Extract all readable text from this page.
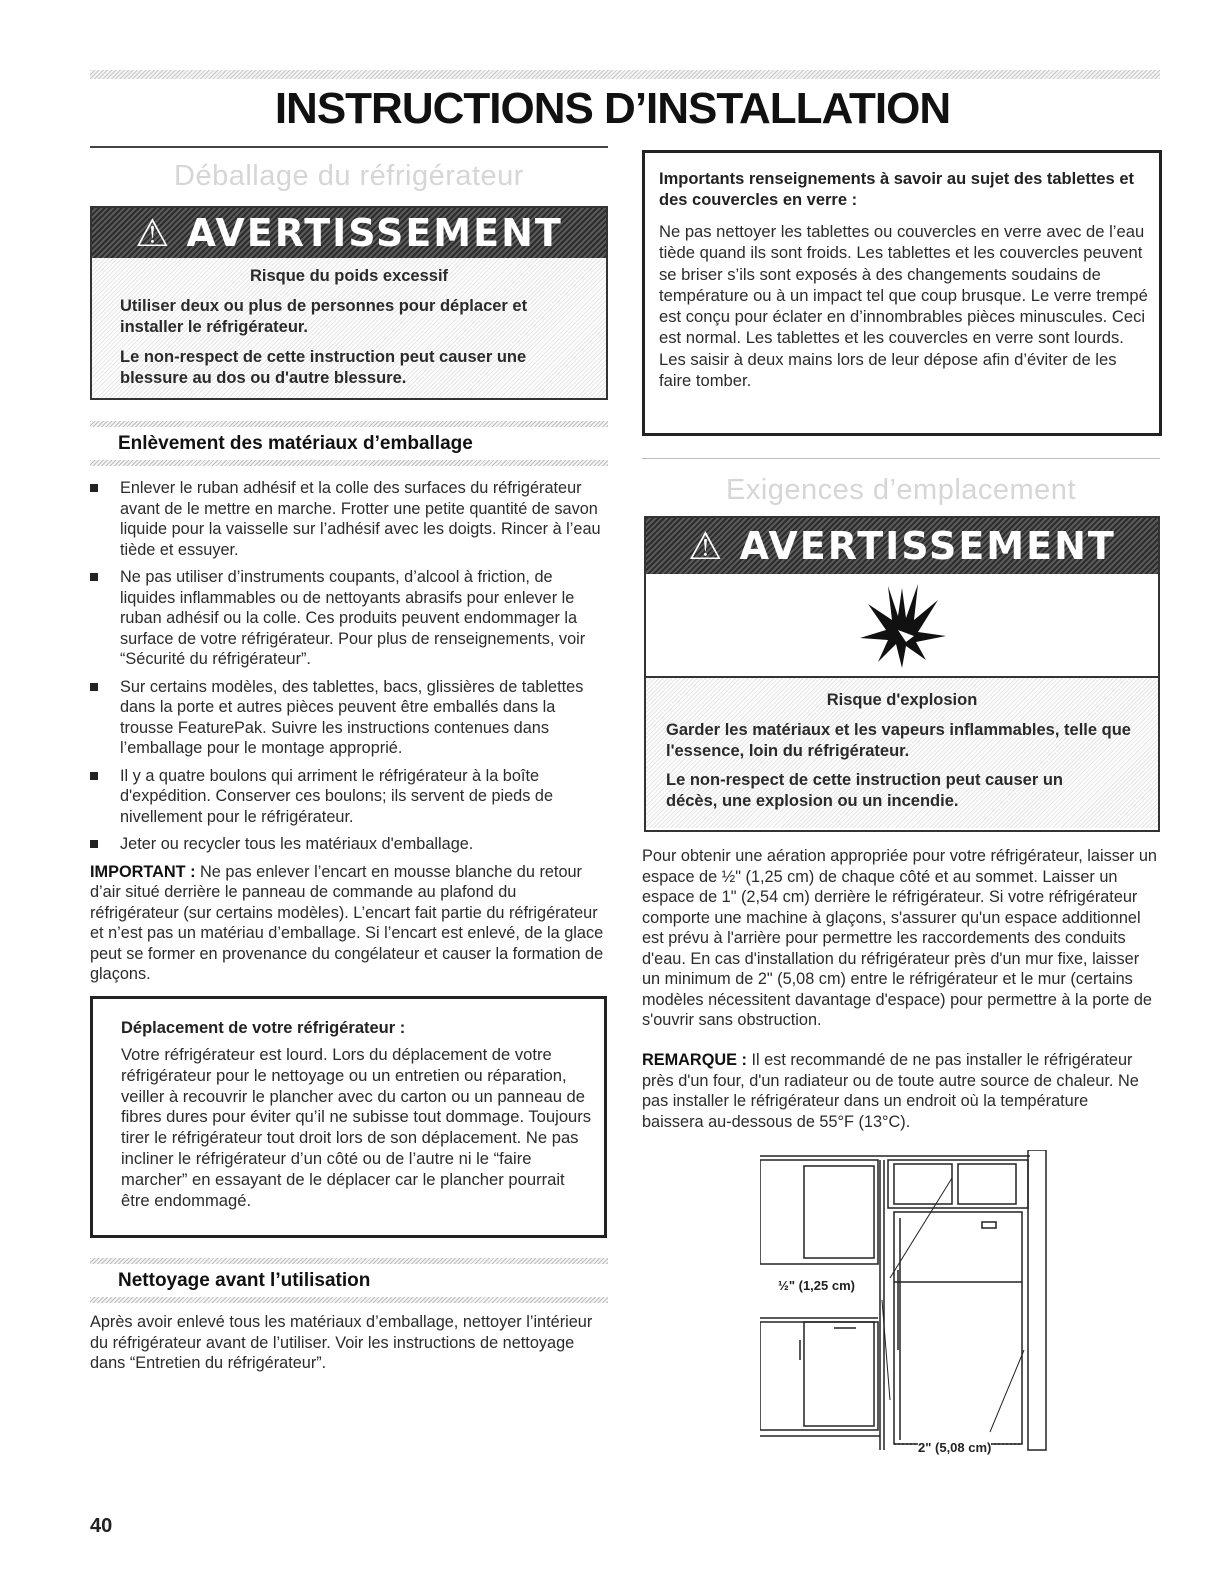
INSTRUCTIONS D’INSTALLATION
Déballage du réfrigérateur
⚠ AVERTISSEMENT
Risque du poids excessif
Utiliser deux ou plus de personnes pour déplacer et installer le réfrigérateur.
Le non-respect de cette instruction peut causer une blessure au dos ou d'autre blessure.
Enlèvement des matériaux d’emballage
Enlever le ruban adhésif et la colle des surfaces du réfrigérateur avant de le mettre en marche. Frotter une petite quantité de savon liquide pour la vaisselle sur l’adhésif avec les doigts. Rincer à l’eau tiède et essuyer.
Ne pas utiliser d’instruments coupants, d’alcool à friction, de liquides inflammables ou de nettoyants abrasifs pour enlever le ruban adhésif ou la colle. Ces produits peuvent endommager la surface de votre réfrigérateur. Pour plus de renseignements, voir “Sécurité du réfrigérateur”.
Sur certains modèles, des tablettes, bacs, glissières de tablettes dans la porte et autres pièces peuvent être emballés dans la trousse FeaturePak. Suivre les instructions contenues dans l’emballage pour le montage approprié.
Il y a quatre boulons qui arriment le réfrigérateur à la boîte d'expédition. Conserver ces boulons; ils servent de pieds de nivellement pour le réfrigérateur.
Jeter ou recycler tous les matériaux d'emballage.
IMPORTANT : Ne pas enlever l’encart en mousse blanche du retour d’air situé derrière le panneau de commande au plafond du réfrigérateur (sur certains modèles). L’encart fait partie du réfrigérateur et n’est pas un matériau d’emballage. Si l’encart est enlevé, de la glace peut se former en provenance du congélateur et causer la formation de glaçons.
Déplacement de votre réfrigérateur :
Votre réfrigérateur est lourd. Lors du déplacement de votre réfrigérateur pour le nettoyage ou un entretien ou réparation, veiller à recouvrir le plancher avec du carton ou un panneau de fibres dures pour éviter qu’il ne subisse tout dommage. Toujours tirer le réfrigérateur tout droit lors de son déplacement. Ne pas incliner le réfrigérateur d’un côté ou de l’autre ni le “faire marcher” en essayant de le déplacer car le plancher pourrait être endommagé.
Nettoyage avant l’utilisation
Après avoir enlevé tous les matériaux d’emballage, nettoyer l’intérieur du réfrigérateur avant de l’utiliser. Voir les instructions de nettoyage dans “Entretien du réfrigérateur”.
40
Importants renseignements à savoir au sujet des tablettes et des couvercles en verre :
Ne pas nettoyer les tablettes ou couvercles en verre avec de l’eau tiède quand ils sont froids. Les tablettes et les couvercles peuvent se briser s’ils sont exposés à des changements soudains de température ou à un impact tel que coup brusque. Le verre trempé est conçu pour éclater en d’innombrables pièces minuscules. Ceci est normal. Les tablettes et les couvercles en verre sont lourds. Les saisir à deux mains lors de leur dépose afin d’éviter de les faire tomber.
Exigences d’emplacement
⚠ AVERTISSEMENT
Risque d'explosion
Garder les matériaux et les vapeurs inflammables, telle que l'essence, loin du réfrigérateur.
Le non-respect de cette instruction peut causer un décès, une explosion ou un incendie.
Pour obtenir une aération appropriée pour votre réfrigérateur, laisser un espace de ½" (1,25 cm) de chaque côté et au sommet. Laisser un espace de 1" (2,54 cm) derrière le réfrigérateur. Si votre réfrigérateur comporte une machine à glaçons, s'assurer qu'un espace additionnel est prévu à l'arrière pour permettre les raccordements des conduits d'eau. En cas d'installation du réfrigérateur près d'un mur fixe, laisser un minimum de 2" (5,08 cm) entre le réfrigérateur et le mur (certains modèles nécessitent davantage d'espace) pour permettre à la porte de s'ouvrir sans obstruction.
REMARQUE : Il est recommandé de ne pas installer le réfrigérateur près d'un four, d'un radiateur ou de toute autre source de chaleur. Ne pas installer le réfrigérateur dans un endroit où la température baissera au-dessous de 55°F (13°C).
½" (1,25 cm)
2" (5,08 cm)
